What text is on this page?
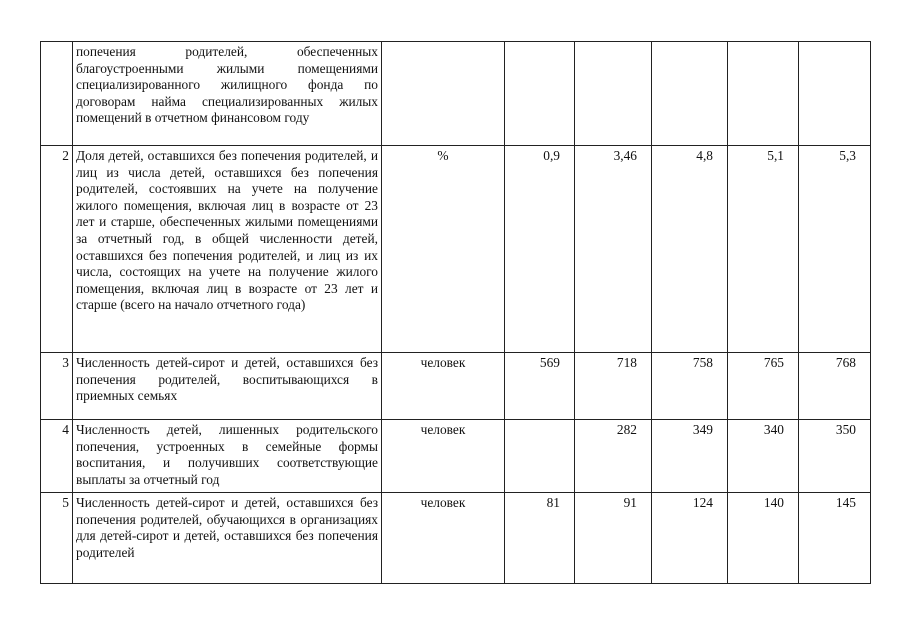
	попечения родителей, обеспеченных благоустроенными жилыми помещениями специализированного жилищного фонда по договорам найма специализированных жилых помещений в отчетном финансовом году						
2	Доля детей, оставшихся без попечения родителей, и лиц из числа детей, оставшихся без попечения родителей, состоявших на учете на получение жилого помещения, включая лиц в возрасте от 23 лет и старше, обеспеченных жилыми помещениями за отчетный год, в общей численности детей, оставшихся без попечения родителей, и лиц из их числа, состоящих на учете на получение жилого помещения, включая лиц в возрасте от 23 лет и старше (всего на начало отчетного года)	%	0,9	3,46	4,8	5,1	5,3
3	Численность детей-сирот и детей, оставшихся без попечения родителей, воспитывающихся в приемных семьях	человек	569	718	758	765	768
4	Численность детей, лишенных родительского попечения, устроенных в семейные формы воспитания, и получивших соответствующие выплаты за отчетный год	человек		282	349	340	350
5	Численность детей-сирот и детей, оставшихся без попечения родителей, обучающихся в организациях для детей-сирот и детей, оставшихся без попечения родителей	человек	81	91	124	140	145
